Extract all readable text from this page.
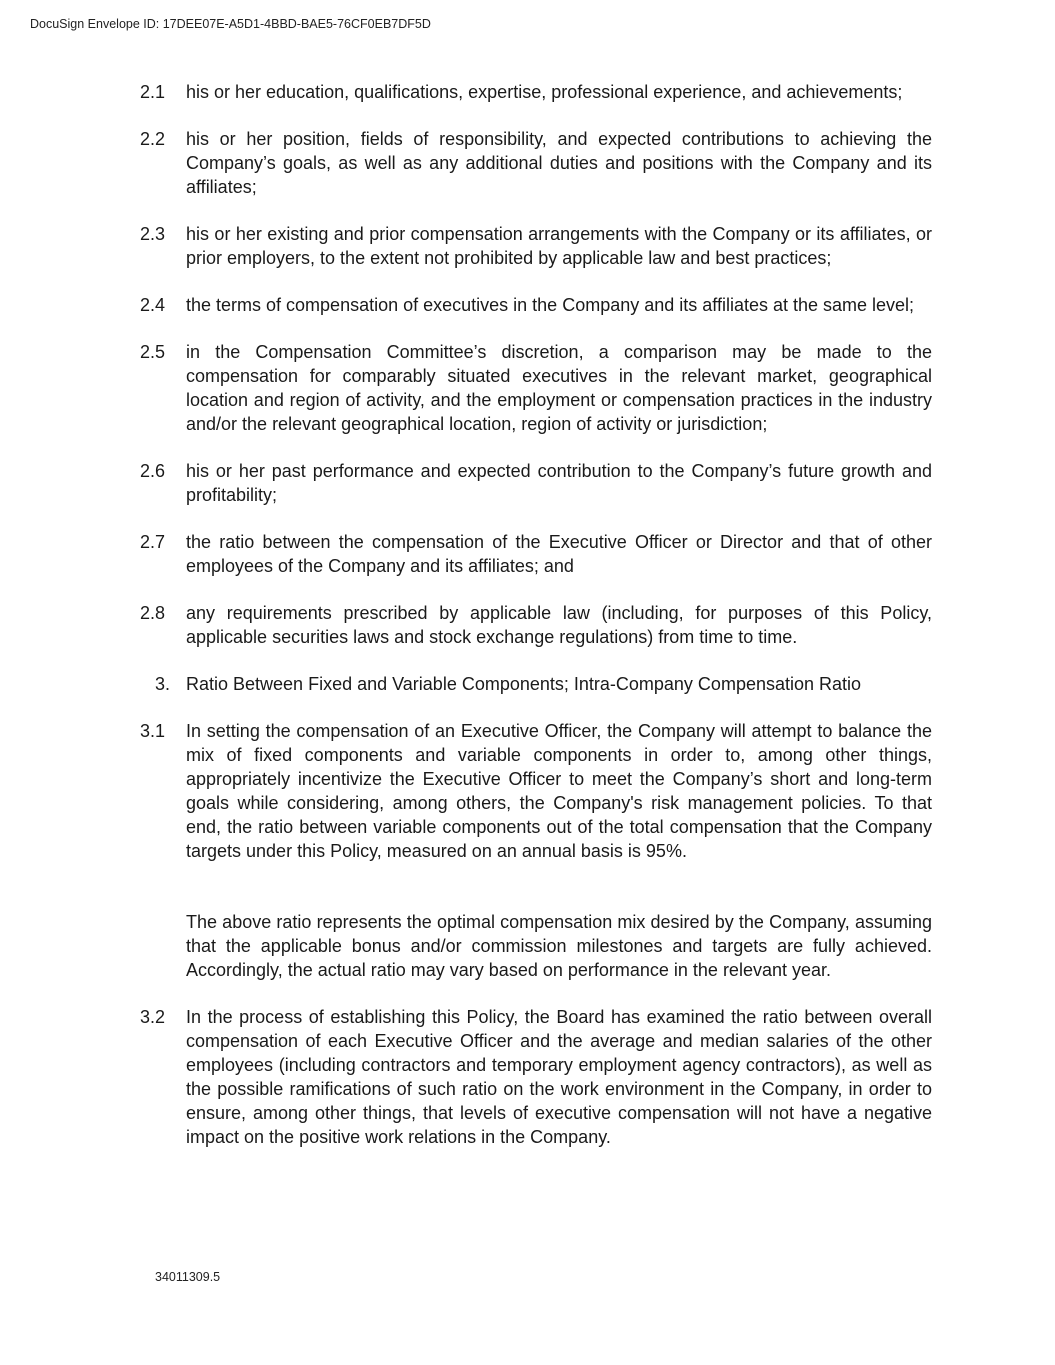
DocuSign Envelope ID: 17DEE07E-A5D1-4BBD-BAE5-76CF0EB7DF5D
2.1	his or her education, qualifications, expertise, professional experience, and achievements;
2.2	his or her position, fields of responsibility, and expected contributions to achieving the Company’s goals, as well as any additional duties and positions with the Company and its affiliates;
2.3	his or her existing and prior compensation arrangements with the Company or its affiliates, or prior employers, to the extent not prohibited by applicable law and best practices;
2.4	the terms of compensation of executives in the Company and its affiliates at the same level;
2.5	in the Compensation Committee’s discretion, a comparison may be made to the compensation for comparably situated executives in the relevant market, geographical location and region of activity, and the employment or compensation practices in the industry and/or the relevant geographical location, region of activity or jurisdiction;
2.6	his or her past performance and expected contribution to the Company’s future growth and profitability;
2.7	the ratio between the compensation of the Executive Officer or Director and that of other employees of the Company and its affiliates; and
2.8	any requirements prescribed by applicable law (including, for purposes of this Policy, applicable securities laws and stock exchange regulations) from time to time.
3. Ratio Between Fixed and Variable Components; Intra-Company Compensation Ratio
3.1	In setting the compensation of an Executive Officer, the Company will attempt to balance the mix of fixed components and variable components in order to, among other things, appropriately incentivize the Executive Officer to meet the Company’s short and long-term goals while considering, among others, the Company's risk management policies. To that end, the ratio between variable components out of the total compensation that the Company targets under this Policy, measured on an annual basis is 95%.
The above ratio represents the optimal compensation mix desired by the Company, assuming that the applicable bonus and/or commission milestones and targets are fully achieved. Accordingly, the actual ratio may vary based on performance in the relevant year.
3.2	In the process of establishing this Policy, the Board has examined the ratio between overall compensation of each Executive Officer and the average and median salaries of the other employees (including contractors and temporary employment agency contractors), as well as the possible ramifications of such ratio on the work environment in the Company, in order to ensure, among other things, that levels of executive compensation will not have a negative impact on the positive work relations in the Company.
34011309.5
